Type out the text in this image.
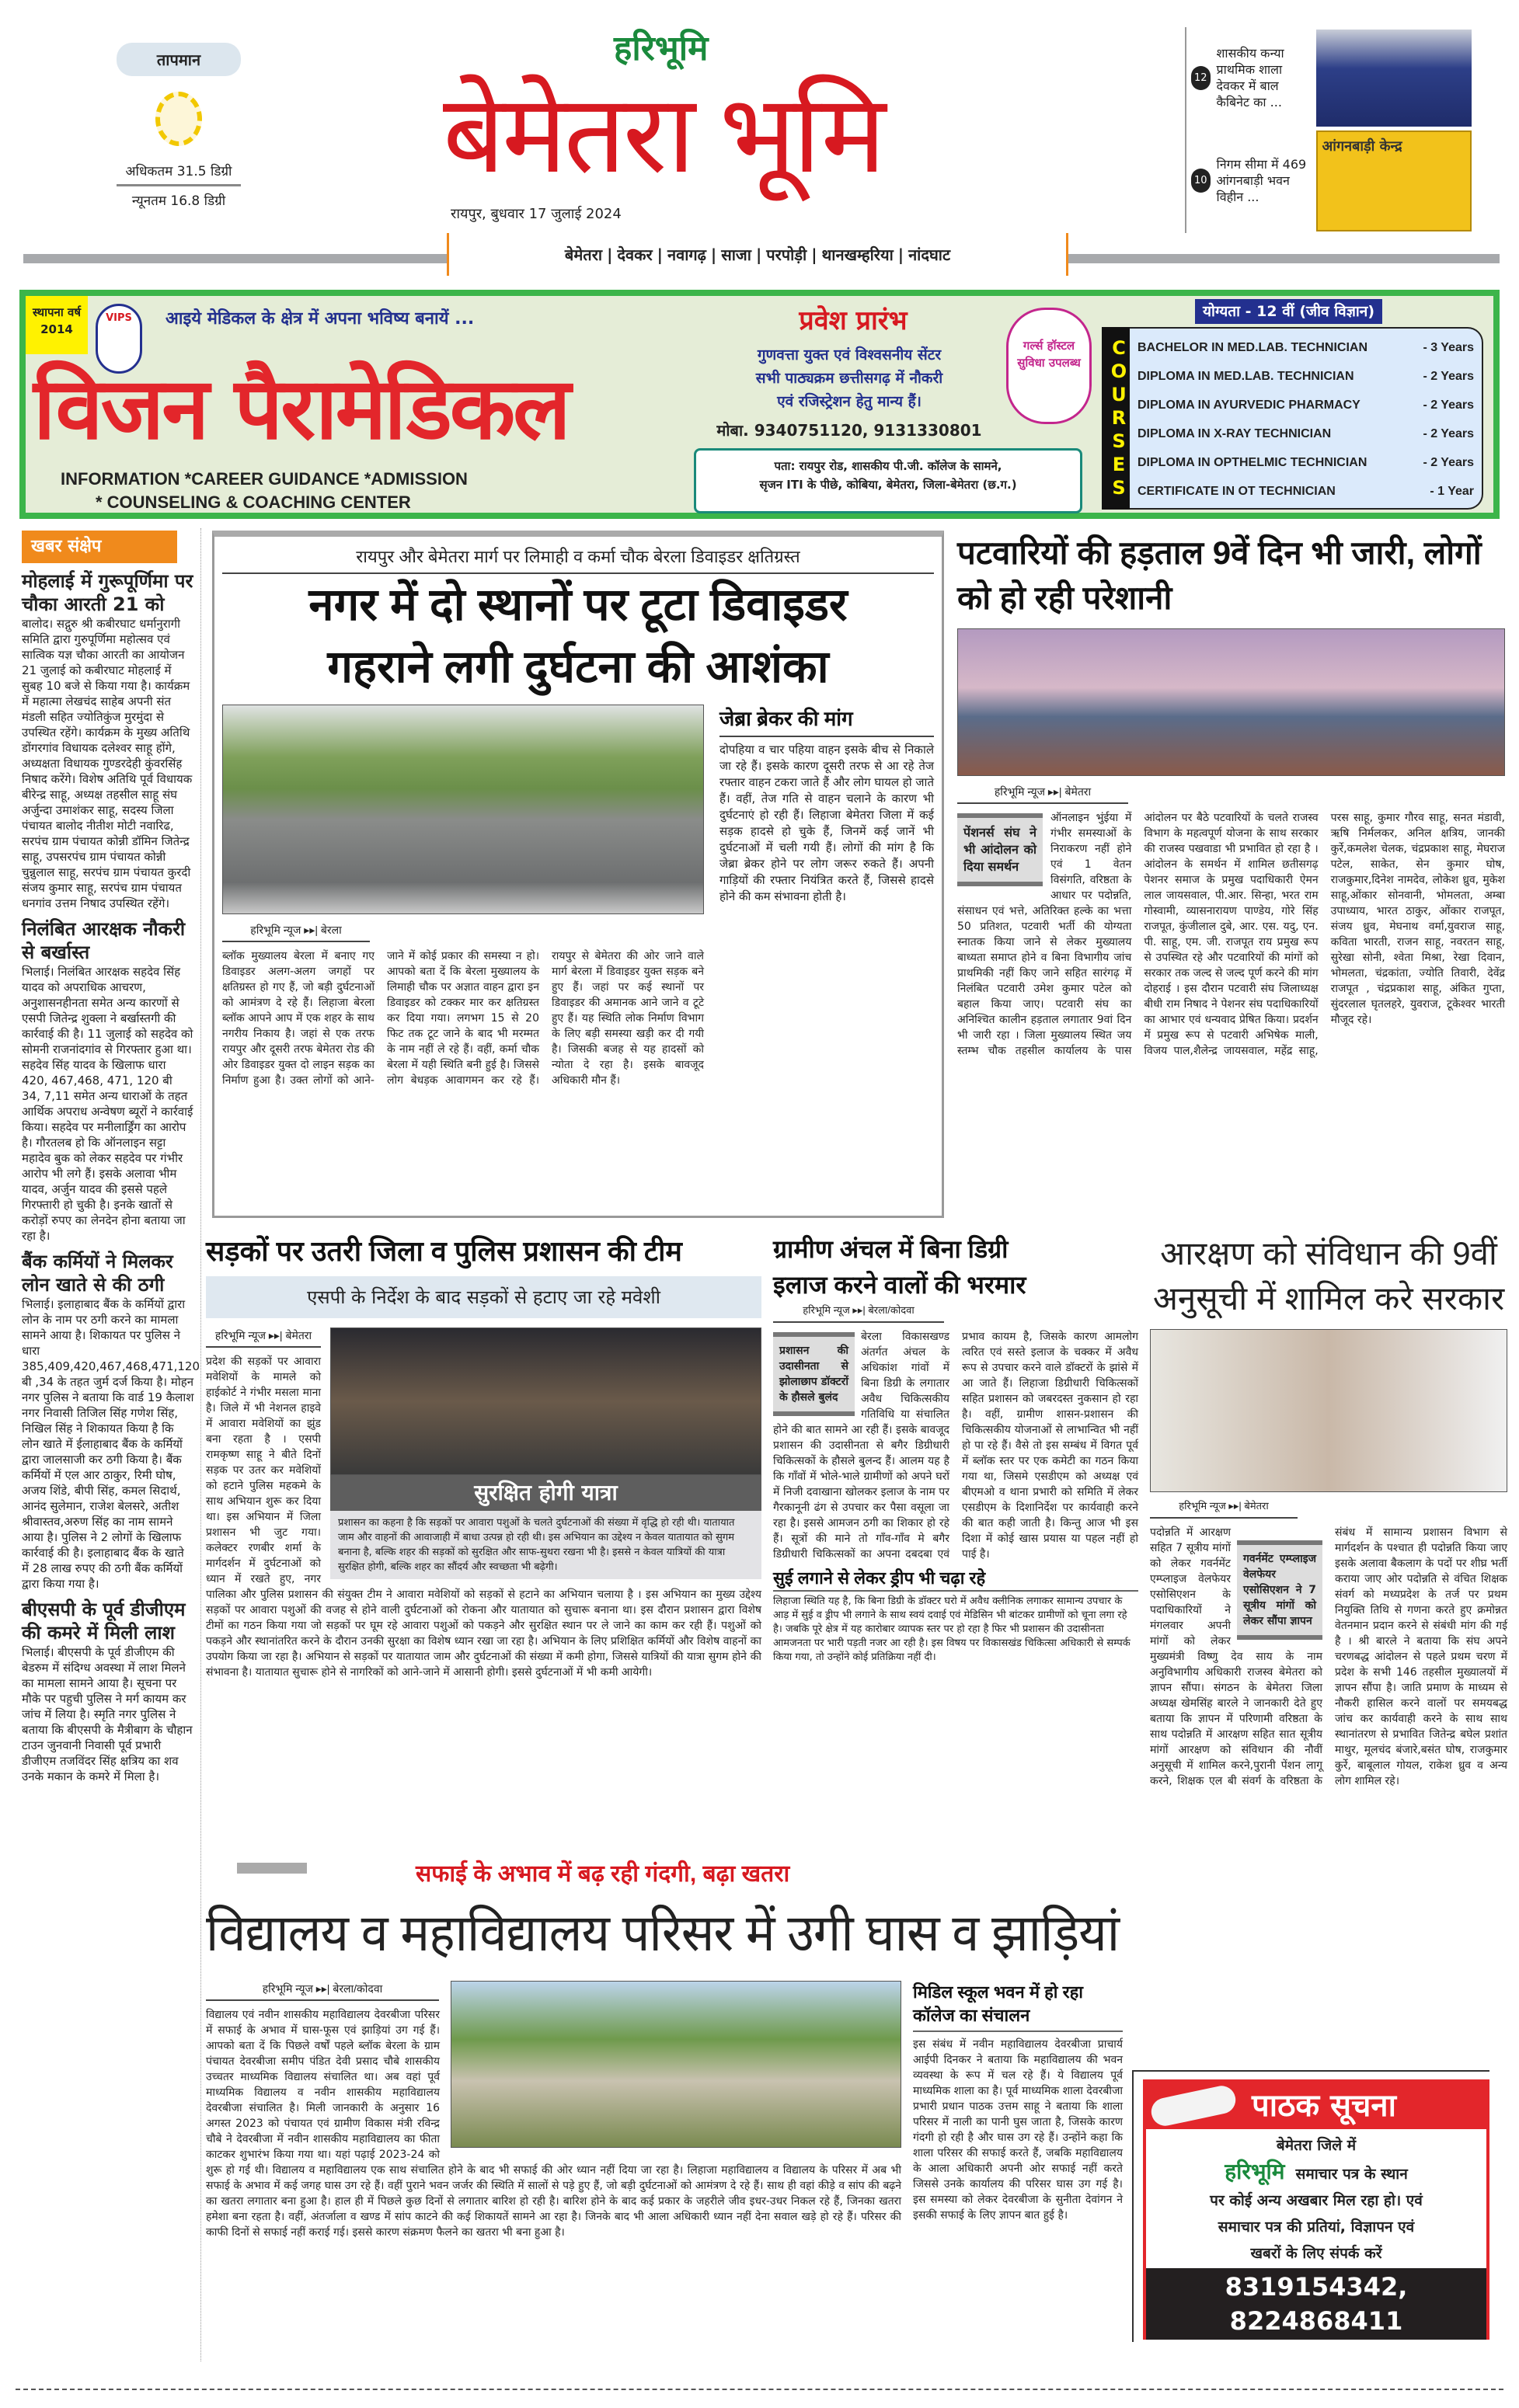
तापमान
अधिकतम 31.5 डिग्री
न्यूनतम 16.8 डिग्री
हरिभूमि
बेमेतरा भूमि
रायपुर, बुधवार 17 जुलाई 2024
बेमेतरा | देवकर | नवागढ़ | साजा | परपोड़ी | थानखम्हरिया | नांदघाट
12
शासकीय कन्या प्राथमिक शाला देवकर में बाल कैबिनेट का ...
10
निगम सीमा में 469 आंगनबाड़ी भवन विहीन ...
आंगनबाड़ी केन्द्र
स्थापना वर्ष 2014
VIPS	आइये मेडिकल के क्षेत्र में अपना भविष्य बनायें ...
विजन पैरामेडिकल
INFORMATION *CAREER GUIDANCE *ADMISSION
* COUNSELING & COACHING CENTER
प्रवेश प्रारंभ
गुणवत्ता युक्त एवं विश्वसनीय सेंटर
सभी पाठ्यक्रम छत्तीसगढ़ में नौकरी
एवं रजिस्ट्रेशन हेतु मान्य हैं।
मोबा. 9340751120, 9131330801
गर्ल्स हॉस्टल सुविधा उपलब्ध
पता: रायपुर रोड, शासकीय पी.जी. कॉलेज के सामने,
सृजन ITI के पीछे, कोबिया, बेमेतरा, जिला-बेमेतरा (छ.ग.)	COURSES
योग्यता - 12 वीं (जीव विज्ञान)
BACHELOR IN MED.LAB. TECHNICIAN	- 3 Years
DIPLOMA IN MED.LAB. TECHNICIAN	- 2 Years
DIPLOMA IN AYURVEDIC PHARMACY	- 2 Years
DIPLOMA IN X-RAY TECHNICIAN	- 2 Years
DIPLOMA IN OPTHELMIC TECHNICIAN	- 2 Years
CERTIFICATE IN OT TECHNICIAN	- 1 Year
खबर संक्षेप
मोहलाई में गुरूपूर्णिमा पर चौका आरती 21 को
बालोद। सद्गुरु श्री कबीरघाट धर्मानुरागी समिति द्वारा गुरुपूर्णिमा महोत्सव एवं सात्विक यज्ञ चौका आरती का आयोजन 21 जुलाई को कबीरघाट मोहलाई में सुबह 10 बजे से किया गया है। कार्यक्रम में महात्मा लेखचंद साहेब अपनी संत मंडली सहित ज्योतिकुंज मुरमुंदा से उपस्थित रहेंगे। कार्यक्रम के मुख्य अतिथि डोंगरगांव विधायक दलेश्वर साहू होंगे, अध्यक्षता विधायक गुण्डरदेही कुंवरसिंह निषाद करेंगे। विशेष अतिथि पूर्व विधायक बीरेन्द्र साहू, अध्यक्ष तहसील साहू संघ अर्जुन्दा उमाशंकर साहू, सदस्य जिला पंचायत बालोद नीतीश मोटी नवारिढ, सरपंच ग्राम पंचायत कोन्नी डॉमिन जितेन्द्र साहू, उपसरपंच ग्राम पंचायत कोन्नी चुन्नुलाल साहू, सरपंच ग्राम पंचायत कुरदी संजय कुमार साहू, सरपंच ग्राम पंचायत धनगांव उत्तम निषाद उपस्थित रहेंगे।
निलंबित आरक्षक नौकरी से बर्खास्त
भिलाई। निलंबित आरक्षक सहदेव सिंह यादव को अपराधिक आचरण, अनुशासनहीनता समेत अन्य कारणों से एसपी जितेन्द्र शुक्ला ने बर्खास्तगी की कार्रवाई की है। 11 जुलाई को सहदेव को सोमनी राजनांदगांव से गिरफ्तार हुआ था। सहदेव सिंह यादव के खिलाफ धारा 420, 467,468, 471, 120 बी 34, 7,11 समेत अन्य धाराओं के तहत आर्थिक अपराध अन्वेषण ब्यूरों ने कार्रवाई किया। सहदेव पर मनीलार्ड्रिंग का आरोप है। गौरतलब हो कि ऑनलाइन सट्टा महादेव बुक को लेकर सहदेव पर गंभीर आरोप भी लगे हैं। इसके अलावा भीम यादव, अर्जुन यादव की इससे पहले गिरफ्तारी हो चुकी है। इनके खातों से करोड़ों रुपए का लेनदेन होना बताया जा रहा है।
बैंक कर्मियों ने मिलकर लोन खाते से की ठगी
भिलाई। इलाहाबाद बैंक के कर्मियों द्वारा लोन के नाम पर ठगी करने का मामला सामने आया है। शिकायत पर पुलिस ने धारा 385,409,420,467,468,471,120 बी ,34 के तहत जुर्म दर्ज किया है। मोहन नगर पुलिस ने बताया कि वार्ड 19 कैलाश नगर निवासी तिजिल सिंह गणेश सिंह, निखिल सिंह ने शिकायत किया है कि लोन खाते में ईलाहाबाद बैंक के कर्मियों द्वारा जालसाजी कर ठगी किया है। बैंक कर्मियों में एल आर ठाकुर, रिमी घोष, अजय शिंडे, बीपी सिंह, कमल सिदार्थ, आनंद सुलेमान, राजेश बेलसरे, अतीश श्रीवास्तव,अरुण सिंह का नाम सामने आया है। पुलिस ने 2 लोगों के खिलाफ कार्रवाई की है। इलाहाबाद बैंक के खाते में 28 लाख रुपए की ठगी बैंक कर्मियों द्वारा किया गया है।
बीएसपी के पूर्व डीजीएम की कमरे में मिली लाश
भिलाई। बीएसपी के पूर्व डीजीएम की बेडरुम में संदिग्ध अवस्था में लाश मिलने का मामला सामने आया है। सूचना पर मौके पर पहुची पुलिस ने मर्ग कायम कर जांच में लिया है। स्मृति नगर पुलिस ने बताया कि बीएसपी के मैत्रीबाग के चौहान टाउन जुनवानी निवासी पूर्व प्रभारी डीजीएम तजविंदर सिंह क्षत्रिय का शव उनके मकान के कमरे में मिला है।
रायपुर और बेमेतरा मार्ग पर लिमाही व कर्मा चौक बेरला डिवाइडर क्षतिग्रस्त
नगर में दो स्थानों पर टूटा डिवाइडर
गहराने लगी दुर्घटना की आशंका
हरिभूमि न्यूज ▸▸| बेरला
ब्लॉक मुख्यालय बेरला में बनाए गए डिवाइडर अलग-अलग जगहों पर क्षतिग्रस्त हो गए हैं, जो बड़ी दुर्घटनाओं को आमंत्रण दे रहे हैं। लिहाजा बेरला ब्लॉक आपने आप में एक शहर के साथ नगरीय निकाय है। जहां से एक तरफ रायपुर और दूसरी तरफ बेमेतरा रोड की ओर डिवाइडर युक्त दो लाइन सड़क का निर्माण हुआ है। उक्त लोगों को आने-जाने में कोई प्रकार की समस्या न हो। आपको बता दें कि बेरला मुख्यालय के लिमाही चौक पर अज्ञात वाहन द्वारा इन डिवाइडर को टक्कर मार कर क्षतिग्रस्त कर दिया गया। लगभग 15 से 20 फिट तक टूट जाने के बाद भी मरम्मत के नाम नहीं ले रहे हैं। वहीं, कर्मा चौक बेरला में यही स्थिति बनी हुई है। जिससे लोग बेधड़क आवागमन कर रहे हैं। रायपुर से बेमेतरा की ओर जाने वाले मार्ग बेरला में डिवाइडर युक्त सड़क बने हुए हैं। जहां पर कई स्थानों पर डिवाइडर की अमानक आने जाने व टूटे हुए हैं। यह स्थिति लोक निर्माण विभाग के लिए बड़ी समस्या खड़ी कर दी गयी है। जिसकी बजह से यह हादसों को न्योता दे रहा है। इसके बावजूद अधिकारी मौन हैं।
जेब्रा ब्रेकर की मांग
दोपहिया व चार पहिया वाहन इसके बीच से निकाले जा रहे हैं। इसके कारण दूसरी तरफ से आ रहे तेज रफ्तार वाहन टकरा जाते हैं और लोग घायल हो जाते हैं। वहीं, तेज गति से वाहन चलाने के कारण भी दुर्घटनाएं हो रही हैं। लिहाजा बेमेतरा जिला में कई सड़क हादसे हो चुके हैं, जिनमें कई जानें भी दुर्घटनाओं में चली गयी हैं। लोगों की मांग है कि जेब्रा ब्रेकर होने पर लोग जरूर रुकते हैं। अपनी गाड़ियों की रफ्तार नियंत्रित करते हैं, जिससे हादसे होने की कम संभावना होती है।
पटवारियों की हड़ताल 9वें दिन भी जारी, लोगों को हो रही परेशानी
हरिभूमि न्यूज ▸▸| बेमेतरा
पेंशनर्स संघ ने भी आंदोलन को दिया समर्थन
ऑनलाइन भुंईया में गंभीर समस्याओं के निराकरण नहीं होने एवं 1 वेतन विसंगति, वरिष्ठता के आधार पर पदोन्नति, संसाधन एवं भत्ते, अतिरिक्त हल्के का भत्ता 50 प्रतिशत, पटवारी भर्ती की योग्यता स्नातक किया जाने से लेकर मुख्यालय बाध्यता समाप्त होने व बिना विभागीय जांच प्राथमिकी नहीं किए जाने सहित सारंगढ़ में निलंबित पटवारी उमेश कुमार पटेल को बहाल किया जाए। पटवारी संघ का अनिश्चित कालीन हड़ताल लगातार 9वां दिन भी जारी रहा । जिला मुख्यालय स्थित जय स्तम्भ चौक तहसील कार्यालय के पास आंदोलन पर बैठे पटवारियों के चलते राजस्व विभाग के महत्वपूर्ण योजना के साथ सरकार की राजस्व पखवाडा भी प्रभावित हो रहा है । आंदोलन के समर्थन में शामिल छतीसगढ़ पेशनर समाज के प्रमुख पदाधिकारी ऐमन लाल जायसवाल, पी.आर. सिन्हा, भरत राम गोस्वामी, व्यासनारायण पाण्डेय, गोरे सिंह राजपूत, कुंजीलाल दुबे, आर. एस. यदु, एन. पी. साहू, एम. जी. राजपूत राय प्रमुख रूप से उपस्थित रहे और पटवारियों की मांगों को सरकार तक जल्द से जल्द पूर्ण करने की मांग दोहराई । इस दौरान पटवारी संघ जिलाध्यक्ष बीधी राम निषाद ने पेशनर संघ पदाधिकारियों का आभार एवं धन्यवाद प्रेषित किया। प्रदर्शन में प्रमुख रूप से पटवारी अभिषेक माली, विजय पाल,शैलेन्द्र जायसवाल, महेंद्र साहू, परस साहू, कुमार गौरव साहू, सनत मंडावी, ऋषि निर्मलकर, अनिल क्षत्रिय, जानकी कुर्रे,कमलेश चेलक, चंद्रप्रकाश साहू, मेघराज पटेल, साकेत, सेन कुमार घोष, राजकुमार,दिनेश नामदेव, लोकेश ध्रुव, मुकेश साहू,ओंकार सोनवानी, भोमलता, अम्बा उपाध्याय, भारत ठाकुर, ओंकार राजपूत, संजय ध्रुव, मेघनाथ वर्मा,युवराज साहू, कविता भारती, राजन साहू, नवरतन साहू, सुरेखा सोनी, श्वेता मिश्रा, रेखा दिवान, भोमलता, चंद्रकांता, ज्योति तिवारी, देवेंद्र राजपूत , चंद्रप्रकाश साहू, अंकित गुप्ता, सुंदरलाल घृतलहरे, युवराज, टूकेश्वर भारती मौजूद रहे।
सड़कों पर उतरी जिला व पुलिस प्रशासन की टीम
एसपी के निर्देश के बाद सड़कों से हटाए जा रहे मवेशी
सुरक्षित होगी यात्रा
प्रशासन का कहना है कि सड़कों पर आवारा पशुओं के चलते दुर्घटनाओं की संख्या में वृद्धि हो रही थी। यातायात जाम और वाहनों की आवाजाही में बाधा उत्पन्न हो रही थी। इस अभियान का उद्देश्य न केवल यातायात को सुगम बनाना है, बल्कि शहर की सड़कों को सुरक्षित और साफ-सुथरा रखना भी है। इससे न केवल यात्रियों की यात्रा सुरक्षित होगी, बल्कि शहर का सौंदर्य और स्वच्छता भी बढ़ेगी।
हरिभूमि न्यूज ▸▸| बेमेतरा
प्रदेश की सड़कों पर आवारा मवेशियों के मामले को हाईकोर्ट ने गंभीर मसला माना है। जिले में भी नेशनल हाइवे में आवारा मवेशियों का झुंड बना रहता है । एसपी रामकृष्ण साहू ने बीते दिनों सड़क पर उतर कर मवेशियों को हटाने पुलिस महकमे के साथ अभियान शुरू कर दिया था। इस अभियान में जिला प्रशासन भी जुट गया। कलेक्टर रणबीर शर्मा के मार्गदर्शन में दुर्घटनाओं को ध्यान में रखते हुए, नगर पालिका और पुलिस प्रशासन की संयुक्त टीम ने आवारा मवेशियों को सड़कों से हटाने का अभियान चलाया है । इस अभियान का मुख्य उद्देश्य सड़कों पर आवारा पशुओं की वजह से होने वाली दुर्घटनाओं को रोकना और यातायात को सुचारू बनाना था। इस दौरान प्रशासन द्वारा विशेष टीमों का गठन किया गया जो सड़कों पर घूम रहे आवारा पशुओं को पकड़ने और सुरक्षित स्थान पर ले जाने का काम कर रही हैं। पशुओं को पकड़ने और स्थानांतरित करने के दौरान उनकी सुरक्षा का विशेष ध्यान रखा जा रहा है। अभियान के लिए प्रशिक्षित कर्मियों और विशेष वाहनों का उपयोग किया जा रहा है। अभियान से सड़कों पर यातायात जाम और दुर्घटनाओं की संख्या में कमी होगा, जिससे यात्रियों की यात्रा सुगम होने की संभावना है। यातायात सुचारू होने से नागरिकों को आने-जाने में आसानी होगी। इससे दुर्घटनाओं में भी कमी आयेगी।
ग्रामीण अंचल में बिना डिग्री
इलाज करने वालों की भरमार
हरिभूमि न्यूज ▸▸| बेरला/कोदवा
प्रशासन की उदासीनता से झोलाछाप डॉक्टरों के हौसले बुलंद
बेरला विकासखण्ड अंतर्गत अंचल के अधिकांश गांवों में बिना डिग्री के लगातार अवैध चिकित्सकीय गतिविधि या संचालित होने की बात सामने आ रही हैं। इसके बावजूद प्रशासन की उदासीनता से बगैर डिग्रीधारी चिकित्सकों के हौसले बुलन्द हैं। आलम यह है कि गाँवों में भोले-भाले ग्रामीणों को अपने घरों में निजी दवाखाना खोलकर इलाज के नाम पर गैरकानूनी ढंग से उपचार कर पैसा वसूला जा रहा है। इससे आमजन ठगी का शिकार हो रहे हैं। सूत्रों की माने तो गाँव-गाँव मे बगैर डिग्रीधारी चिकित्सकों का अपना दबदबा एवं प्रभाव कायम है, जिसके कारण आमलोग त्वरित एवं सस्ते इलाज के चक्कर में अवैध रूप से उपचार करने वाले डॉक्टरों के झांसे में आ जाते हैं। लिहाजा डिग्रीधारी चिकित्सकों सहित प्रशासन को जबरदस्त नुकसान हो रहा है। वहीं, ग्रामीण शासन-प्रशासन की चिकित्सकीय योजनाओं से लाभान्वित भी नहीं हो पा रहे हैं। वैसे तो इस सम्बंध में विगत पूर्व में ब्लॉक स्तर पर एक कमेटी का गठन किया गया था, जिसमे एसडीएम को अध्यक्ष एवं बीएमओ व थाना प्रभारी को समिति में लेकर एसडीएम के दिशानिर्देश पर कार्यवाही करने की बात कही जाती है। किन्तु आज भी इस दिशा में कोई खास प्रयास या पहल नहीं हो पाई है।
सुई लगाने से लेकर ड्रीप भी चढ़ा रहे
लिहाजा स्थिति यह है, कि बिना डिग्री के डॉक्टर घरो में अवैध क्लीनिक लगाकर सामान्य उपचार के आड़ में सुई व ड्रीप भी लगाने के साथ स्वयं दवाई एवं मेडिसिन भी बांटकर ग्रामीणों को चूना लगा रहे है। जबकि पूरे क्षेत्र में यह कारोबार व्यापक स्तर पर हो रहा है फिर भी प्रशासन की उदासीनता आमजनता पर भारी पड़ती नजर आ रही है। इस विषय पर विकासखंड चिकित्सा अधिकारी से सम्पर्क किया गया, तो उन्होंने कोई प्रतिक्रिया नहीं दी।
आरक्षण को संविधान की 9वीं अनुसूची में शामिल करे सरकार
हरिभूमि न्यूज ▸▸| बेमेतरा
गवर्नमेंट एम्प्लाइज वेलफेयर एसोसिएशन ने 7 सूत्रीय मांगों को लेकर सौंपा ज्ञापन
पदोन्नति में आरक्षण सहित 7 सूत्रीय मांगों को लेकर गवर्नमेंट एम्प्लाइज वेलफेयर एसोसिएशन के पदाधिकारियों ने मंगलवार अपनी मांगों को लेकर मुख्यमंत्री विष्णु देव साय के नाम अनुविभागीय अधिकारी राजस्व बेमेतरा को ज्ञापन सौंपा। संगठन के बेमेतरा जिला अध्यक्ष खेमसिंह बारले ने जानकारी देते हुए बताया कि ज्ञापन में परिणामी वरिष्ठता के साथ पदोन्नति में आरक्षण सहित सात सूत्रीय मांगों आरक्षण को संविधान की नौवीं अनुसूची में शामिल करने,पुरानी पेंशन लागू करने, शिक्षक एल बी संवर्ग के वरिष्ठता के संबंध में सामान्य प्रशासन विभाग से मार्गदर्शन के पश्चात ही पदोन्नति किया जाए इसके अलावा बैकलाग के पदों पर शीघ्र भर्ती कराया जाए ओर पदोन्नति से वंचित शिक्षक संवर्ग को मध्यप्रदेश के तर्ज पर प्रथम नियुक्ति तिथि से गणना करते हुए क्रमोन्नत वेतनमान प्रदान करने से संबंधी मांग की गई है । श्री बारले ने बताया कि संघ अपने चरणबद्ध आंदोलन से पहले प्रथम चरण में प्रदेश के सभी 146 तहसील मुख्यालयों में ज्ञापन सौंपा है। जाति प्रमाण के माध्यम से नौकरी हासिल करने वालों पर समयबद्ध जांच कर कार्यवाही करने के साथ साथ स्थानांतरण से प्रभावित जितेन्द्र बघेल प्रशांत माथुर, मूलचंद बंजारे,बसंत घोष, राजकुमार कुर्रे, बाबूलाल गोयल, राकेश ध्रुव व अन्य लोग शामिल रहे।
सफाई के अभाव में बढ़ रही गंदगी, बढ़ा खतरा
विद्यालय व महाविद्यालय परिसर में उगी घास व झाड़ियां
हरिभूमि न्यूज ▸▸| बेरला/कोदवा
विद्यालय एवं नवीन शासकीय महाविद्यालय देवरबीजा परिसर में सफाई के अभाव में घास-फूस एवं झाड़ियां उग गई हैं। आपको बता दें कि पिछले वर्षों पहले ब्लॉक बेरला के ग्राम पंचायत देवरबीजा समीप पंडित देवी प्रसाद चौबे शासकीय उच्चतर माध्यमिक विद्यालय संचालित था। अब वहां पूर्व माध्यमिक विद्यालय व नवीन शासकीय महाविद्यालय देवरबीजा संचालित है। मिली जानकारी के अनुसार 16 अगस्त 2023 को पंचायत एवं ग्रामीण विकास मंत्री रविन्द्र चौबे ने देवरबीजा में नवीन शासकीय महाविद्यालय का फीता काटकर शुभारंभ किया गया था। यहां पढ़ाई 2023-24 को शुरू हो गई थी। विद्यालय व महाविद्यालय एक साथ संचालित होने के बाद भी सफाई की ओर ध्यान नहीं दिया जा रहा है। लिहाजा महाविद्यालय व विद्यालय के परिसर में अब भी सफाई के अभाव में कई जगह घास उग रहे हैं। वहीं पुराने भवन जर्जर की स्थिति में सालों से पड़े हुए हैं, जो बड़ी दुर्घटनाओं को आमंत्रण दे रहे हैं। साथ ही वहां कीड़े व सांप की बढ़ने का खतरा लगातार बना हुआ है। हाल ही में पिछले कुछ दिनों से लगातार बारिश हो रही है। बारिश होने के बाद कई प्रकार के जहरीले जीव इधर-उधर निकल रहे हैं, जिनका खतरा हमेशा बना रहता है। वहीं, अंतर्जाला व खण्ड में सांप काटने की कई शिकायतें सामने आ रहा है। जिनके बाद भी आला अधिकारी ध्यान नहीं देना सवाल खड़े हो रहे हैं। परिसर की काफी दिनों से सफाई नहीं कराई गई। इससे कारण संक्रमण फैलने का खतरा भी बना हुआ है।
मिडिल स्कूल भवन में हो रहा कॉलेज का संचालन
इस संबंध में नवीन महाविद्यालय देवरबीजा प्राचार्य आईपी दिनकर ने बताया कि महाविद्यालय की भवन व्यवस्था के रूप में चल रहे हैं। ये विद्यालय पूर्व माध्यमिक शाला का है। पूर्व माध्यमिक शाला देवरबीजा प्रभारी प्रधान पाठक उत्तम साहू ने बताया कि शाला परिसर में नाली का पानी घुस जाता है, जिसके कारण गंदगी हो रही है और घास उग रहे हैं। उन्होंने कहा कि शाला परिसर की सफाई करते हैं, जबकि महाविद्यालय के आला अधिकारी अपनी ओर सफाई नहीं करते जिससे उनके कार्यालय की परिसर घास उग गई है। इस समस्या को लेकर देवरबीजा के सुनीता देवांगन ने इसकी सफाई के लिए ज्ञापन बात हुई है।
पाठक सूचना
बेमेतरा जिले में
हरिभूमि समाचार पत्र के स्थान
पर कोई अन्य अखबार मिल रहा हो। एवं
समाचार पत्र की प्रतियां, विज्ञापन एवं
खबरों के लिए संपर्क करें
8319154342, 8224868411
